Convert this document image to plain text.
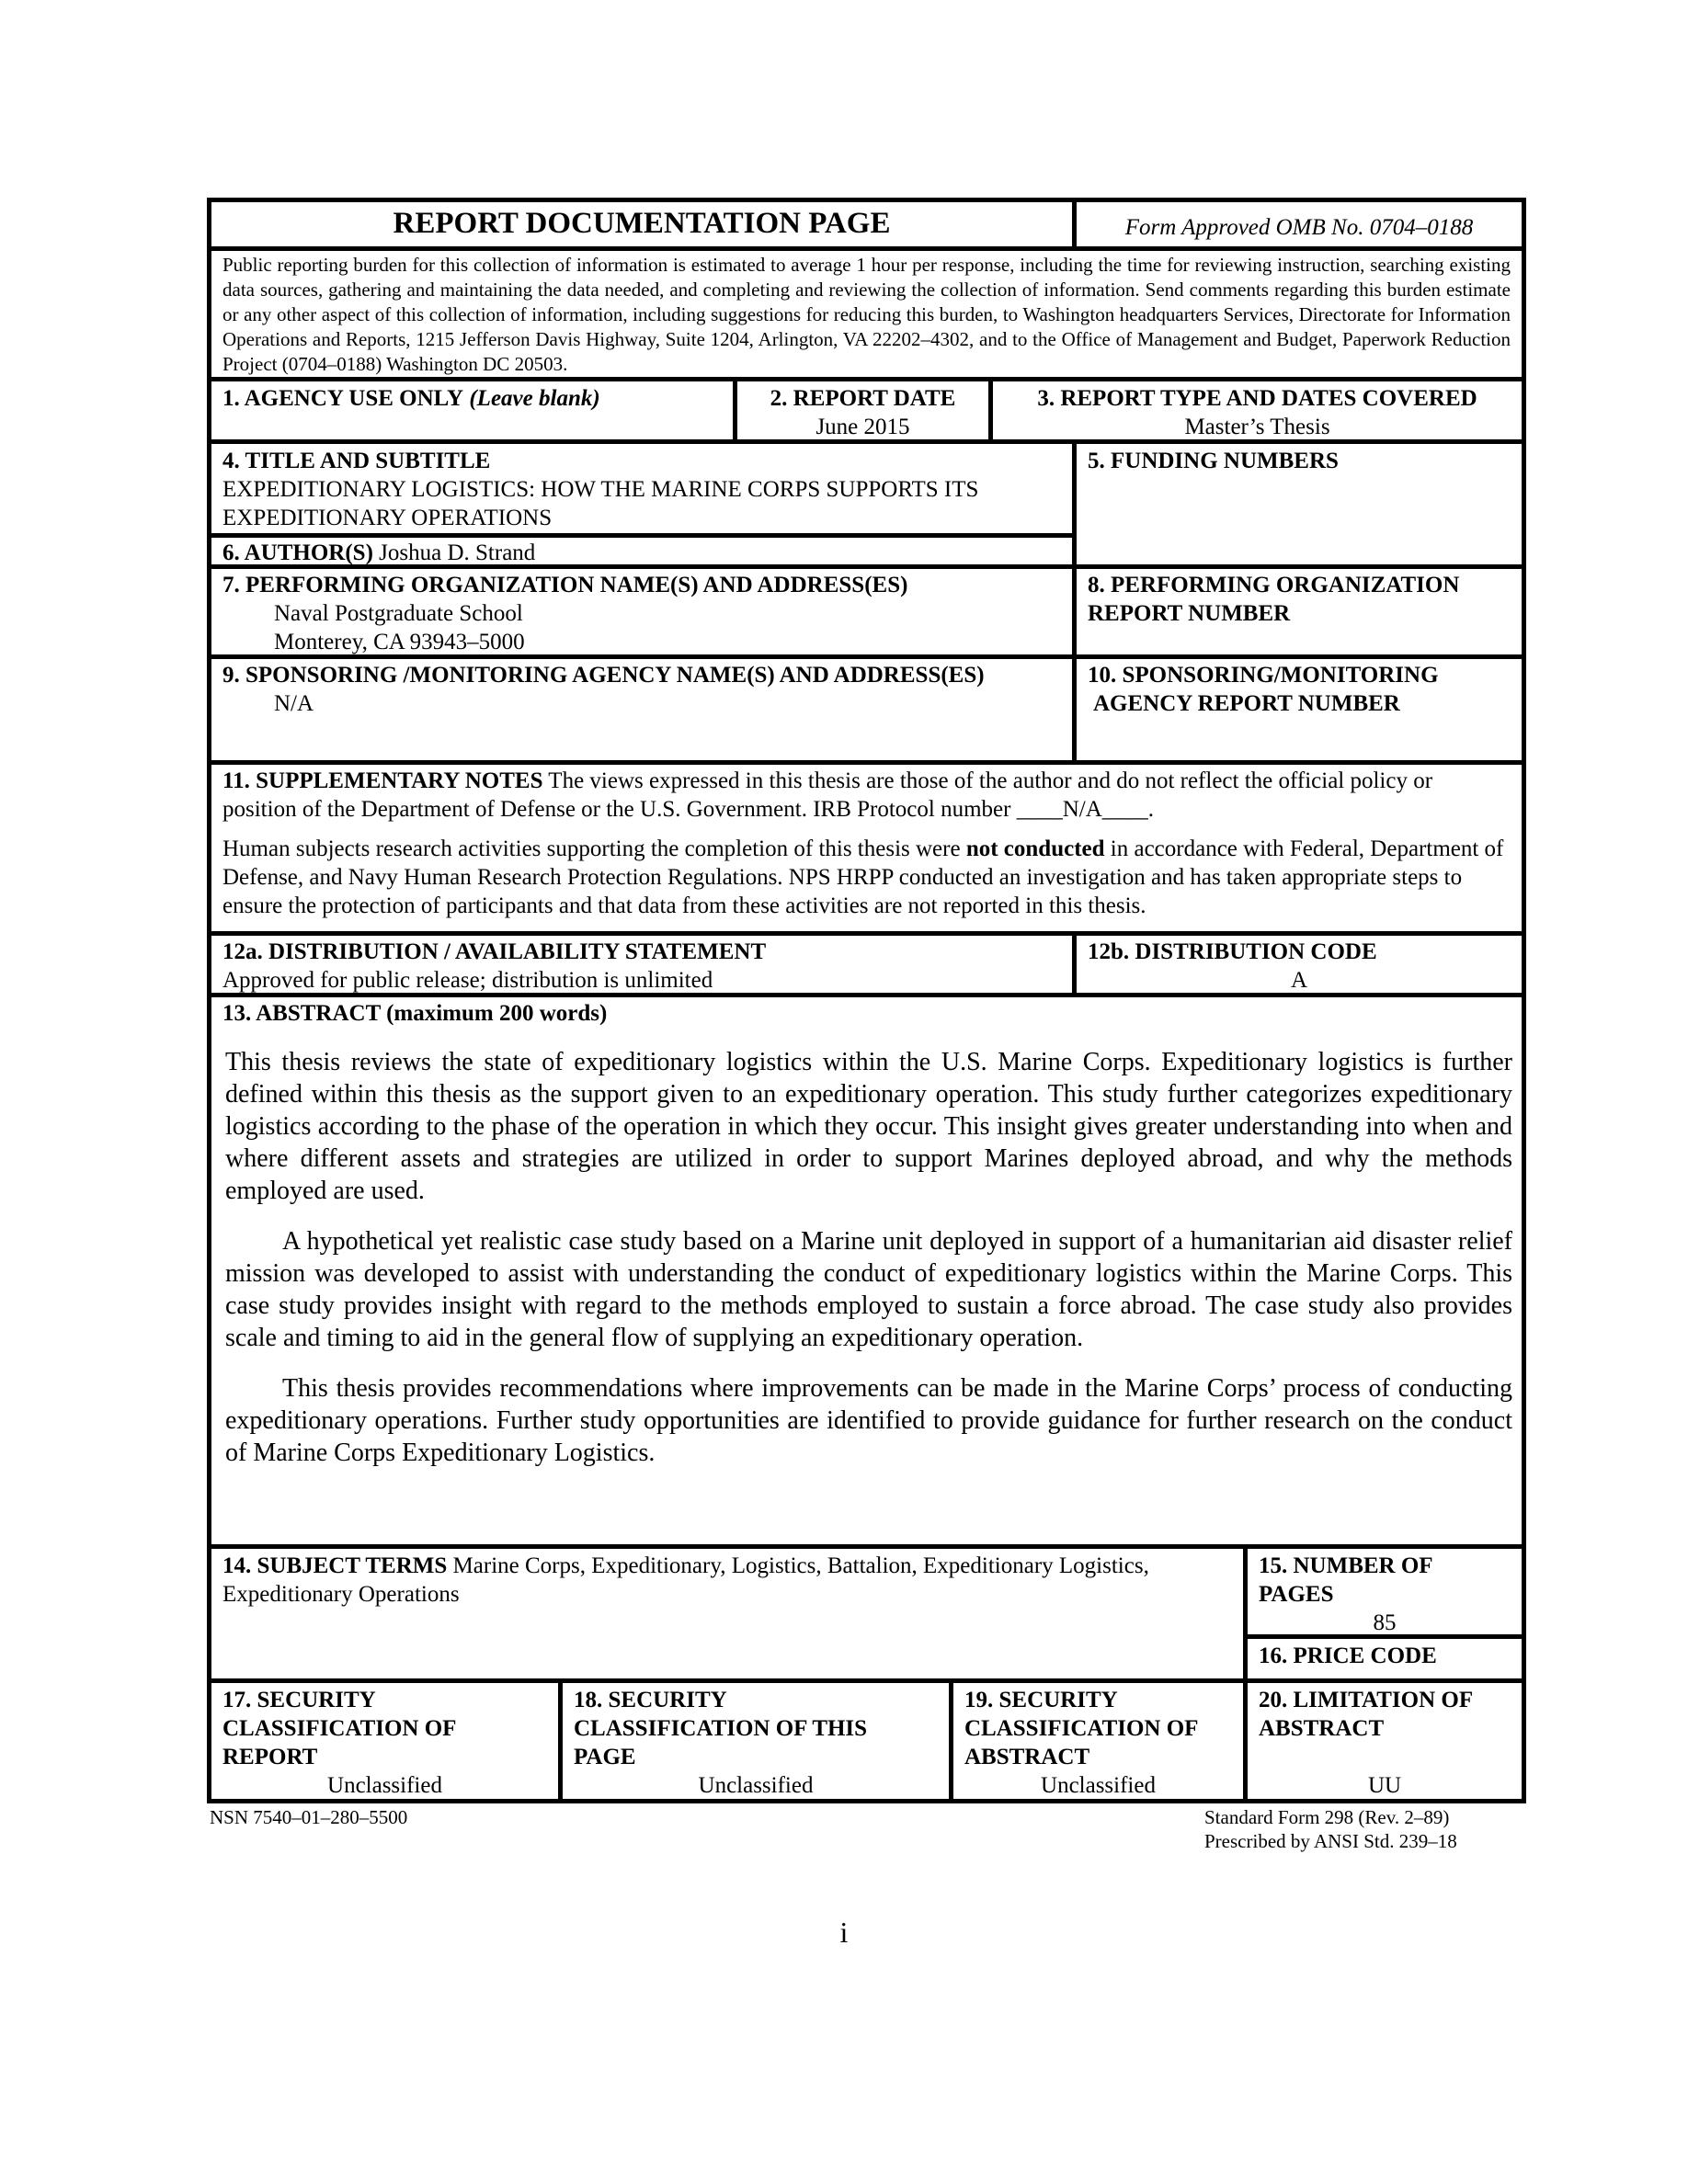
REPORT DOCUMENTATION PAGE	Form Approved OMB No. 0704–0188
Public reporting burden for this collection of information is estimated to average 1 hour per response, including the time for reviewing instruction, searching existing data sources, gathering and maintaining the data needed, and completing and reviewing the collection of information. Send comments regarding this burden estimate or any other aspect of this collection of information, including suggestions for reducing this burden, to Washington headquarters Services, Directorate for Information Operations and Reports, 1215 Jefferson Davis Highway, Suite 1204, Arlington, VA 22202–4302, and to the Office of Management and Budget, Paperwork Reduction Project (0704–0188) Washington DC 20503.
1. AGENCY USE ONLY (Leave blank)	2. REPORT DATE
June 2015
3. REPORT TYPE AND DATES COVERED
Master’s Thesis
4. TITLE AND SUBTITLE
EXPEDITIONARY LOGISTICS: HOW THE MARINE CORPS SUPPORTS ITS EXPEDITIONARY OPERATIONS
5. FUNDING NUMBERS
6. AUTHOR(S) Joshua D. Strand
7. PERFORMING ORGANIZATION NAME(S) AND ADDRESS(ES)
Naval Postgraduate School
Monterey, CA 93943–5000
8. PERFORMING ORGANIZATION REPORT NUMBER
9. SPONSORING /MONITORING AGENCY NAME(S) AND ADDRESS(ES)
N/A
10. SPONSORING/MONITORING
AGENCY REPORT NUMBER

11. SUPPLEMENTARY NOTES The views expressed in this thesis are those of the author and do not reflect the official policy or position of the Department of Defense or the U.S. Government. IRB Protocol number ____N/A____.

Human subjects research activities supporting the completion of this thesis were not conducted in accordance with Federal, Department of Defense, and Navy Human Research Protection Regulations. NPS HRPP conducted an investigation and has taken appropriate steps to ensure the protection of participants and that data from these activities are not reported in this thesis.

12a. DISTRIBUTION / AVAILABILITY STATEMENT
Approved for public release; distribution is unlimited
12b. DISTRIBUTION CODE
A
13. ABSTRACT (maximum 200 words)

This thesis reviews the state of expeditionary logistics within the U.S. Marine Corps. Expeditionary logistics is further defined within this thesis as the support given to an expeditionary operation. This study further categorizes expeditionary logistics according to the phase of the operation in which they occur. This insight gives greater understanding into when and where different assets and strategies are utilized in order to support Marines deployed abroad, and why the methods employed are used.

A hypothetical yet realistic case study based on a Marine unit deployed in support of a humanitarian aid disaster relief mission was developed to assist with understanding the conduct of expeditionary logistics within the Marine Corps. This case study provides insight with regard to the methods employed to sustain a force abroad. The case study also provides scale and timing to aid in the general flow of supplying an expeditionary operation.

This thesis provides recommendations where improvements can be made in the Marine Corps’ process of conducting expeditionary operations. Further study opportunities are identified to provide guidance for further research on the conduct of Marine Corps Expeditionary Logistics.

14. SUBJECT TERMS Marine Corps, Expeditionary, Logistics, Battalion, Expeditionary Logistics, Expeditionary Operations
15. NUMBER OF
PAGES
85
16. PRICE CODE
17. SECURITY
CLASSIFICATION OF
REPORT
Unclassified
18. SECURITY
CLASSIFICATION OF THIS
PAGE
Unclassified
19. SECURITY
CLASSIFICATION OF
ABSTRACT
Unclassified
20. LIMITATION OF
ABSTRACT
UU
NSN 7540–01–280–5500	Standard Form 298 (Rev. 2–89)
Prescribed by ANSI Std. 239–18
i
